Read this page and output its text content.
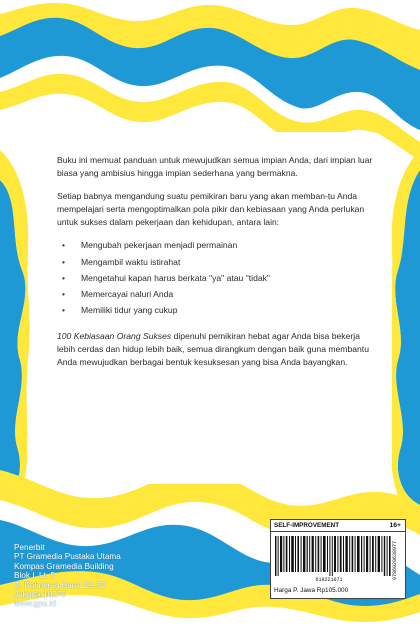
Buku ini memuat panduan untuk mewujudkan semua impian Anda, dari impian luar biasa yang ambisius hingga impian sederhana yang bermakna.

Setiap babnya mengandung suatu pemikiran baru yang akan memban-tu Anda mempelajari serta mengoptimalkan pola pikir dan kebiasaan yang Anda perlukan untuk sukses dalam pekerjaan dan kehidupan, antara lain:

• Mengubah pekerjaan menjadi permainan
• Mengambil waktu istirahat
• Mengetahui kapan harus berkata "ya" atau "tidak"
• Memercayai naluri Anda
• Memiliki tidur yang cukup

100 Kebiasaan Orang Sukses dipenuhi pemikiran hebat agar Anda bisa bekerja lebih cerdas dan hidup lebih baik, semua dirangkum dengan baik guna membantu Anda mewujudkan berbagai bentuk kesuksesan yang bisa Anda bayangkan.

Penerbit
PT Gramedia Pustaka Utama
Kompas Gramedia Building
Blok I, Lt. 5
Jl. Palmerah Barat 29–37
Jakarta 10270
www.gpu.id
SELF-IMPROVEMENT	16+
619221071	9786020638977
Harga P. Jawa Rp105.000
